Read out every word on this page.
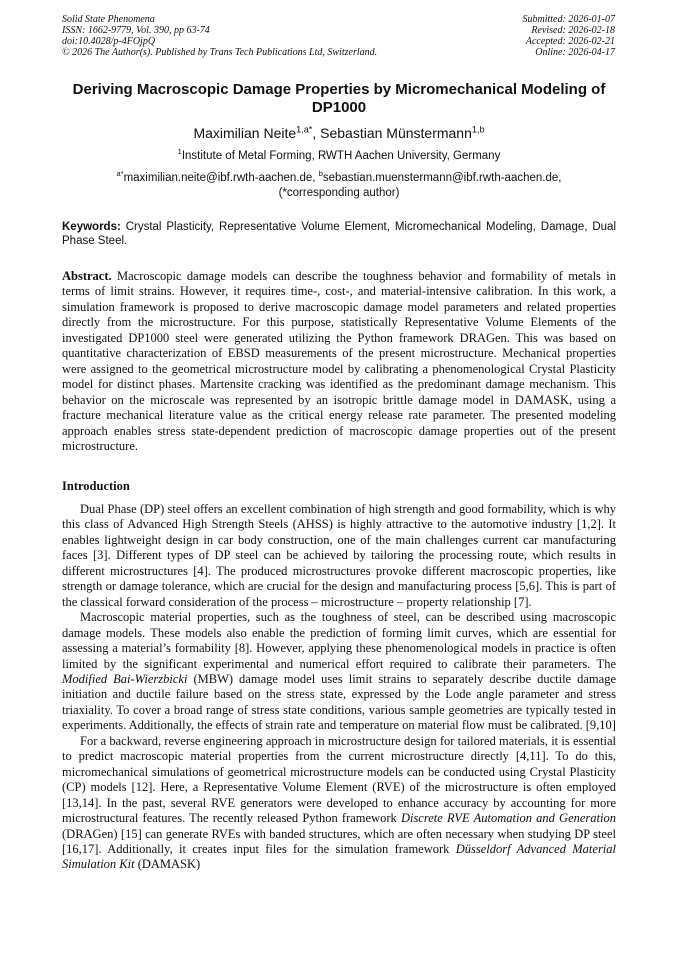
Solid State Phenomena
ISSN: 1662-9779, Vol. 390, pp 63-74
doi:10.4028/p-4FOjpQ
© 2026 The Author(s). Published by Trans Tech Publications Ltd, Switzerland.
Submitted: 2026-01-07
Revised: 2026-02-18
Accepted: 2026-02-21
Online: 2026-04-17
Deriving Macroscopic Damage Properties by Micromechanical Modeling of DP1000
Maximilian Neite$^{1,a*}$, Sebastian Münstermann$^{1,b}$
$^1$Institute of Metal Forming, RWTH Aachen University, Germany
$^{a*}$maximilian.neite@ibf.rwth-aachen.de, $^b$sebastian.muenstermann@ibf.rwth-aachen.de,
(*corresponding author)
Keywords: Crystal Plasticity, Representative Volume Element, Micromechanical Modeling, Damage, Dual Phase Steel.
Abstract. Macroscopic damage models can describe the toughness behavior and formability of metals in terms of limit strains. However, it requires time-, cost-, and material-intensive calibration. In this work, a simulation framework is proposed to derive macroscopic damage model parameters and related properties directly from the microstructure. For this purpose, statistically Representative Volume Elements of the investigated DP1000 steel were generated utilizing the Python framework DRAGen. This was based on quantitative characterization of EBSD measurements of the present microstructure. Mechanical properties were assigned to the geometrical microstructure model by calibrating a phenomenological Crystal Plasticity model for distinct phases. Martensite cracking was identified as the predominant damage mechanism. This behavior on the microscale was represented by an isotropic brittle damage model in DAMASK, using a fracture mechanical literature value as the critical energy release rate parameter. The presented modeling approach enables stress state-dependent prediction of macroscopic damage properties out of the present microstructure.
Introduction

Dual Phase (DP) steel offers an excellent combination of high strength and good formability, which is why this class of Advanced High Strength Steels (AHSS) is highly attractive to the automotive industry [1,2]. It enables lightweight design in car body construction, one of the main challenges current car manufacturing faces [3]. Different types of DP steel can be achieved by tailoring the processing route, which results in different microstructures [4]. The produced microstructures provoke different macroscopic properties, like strength or damage tolerance, which are crucial for the design and manufacturing process [5,6]. This is part of the classical forward consideration of the process – microstructure – property relationship [7].

Macroscopic material properties, such as the toughness of steel, can be described using macroscopic damage models. These models also enable the prediction of forming limit curves, which are essential for assessing a material’s formability [8]. However, applying these phenomenological models in practice is often limited by the significant experimental and numerical effort required to calibrate their parameters. The Modified Bai-Wierzbicki (MBW) damage model uses limit strains to separately describe ductile damage initiation and ductile failure based on the stress state, expressed by the Lode angle parameter and stress triaxiality. To cover a broad range of stress state conditions, various sample geometries are typically tested in experiments. Additionally, the effects of strain rate and temperature on material flow must be calibrated. [9,10]

For a backward, reverse engineering approach in microstructure design for tailored materials, it is essential to predict macroscopic material properties from the current microstructure directly [4,11]. To do this, micromechanical simulations of geometrical microstructure models can be conducted using Crystal Plasticity (CP) models [12]. Here, a Representative Volume Element (RVE) of the microstructure is often employed [13,14]. In the past, several RVE generators were developed to enhance accuracy by accounting for more microstructural features. The recently released Python framework Discrete RVE Automation and Generation (DRAGen) [15] can generate RVEs with banded structures, which are often necessary when studying DP steel [16,17]. Additionally, it creates input files for the simulation framework Düsseldorf Advanced Material Simulation Kit (DAMASK)
